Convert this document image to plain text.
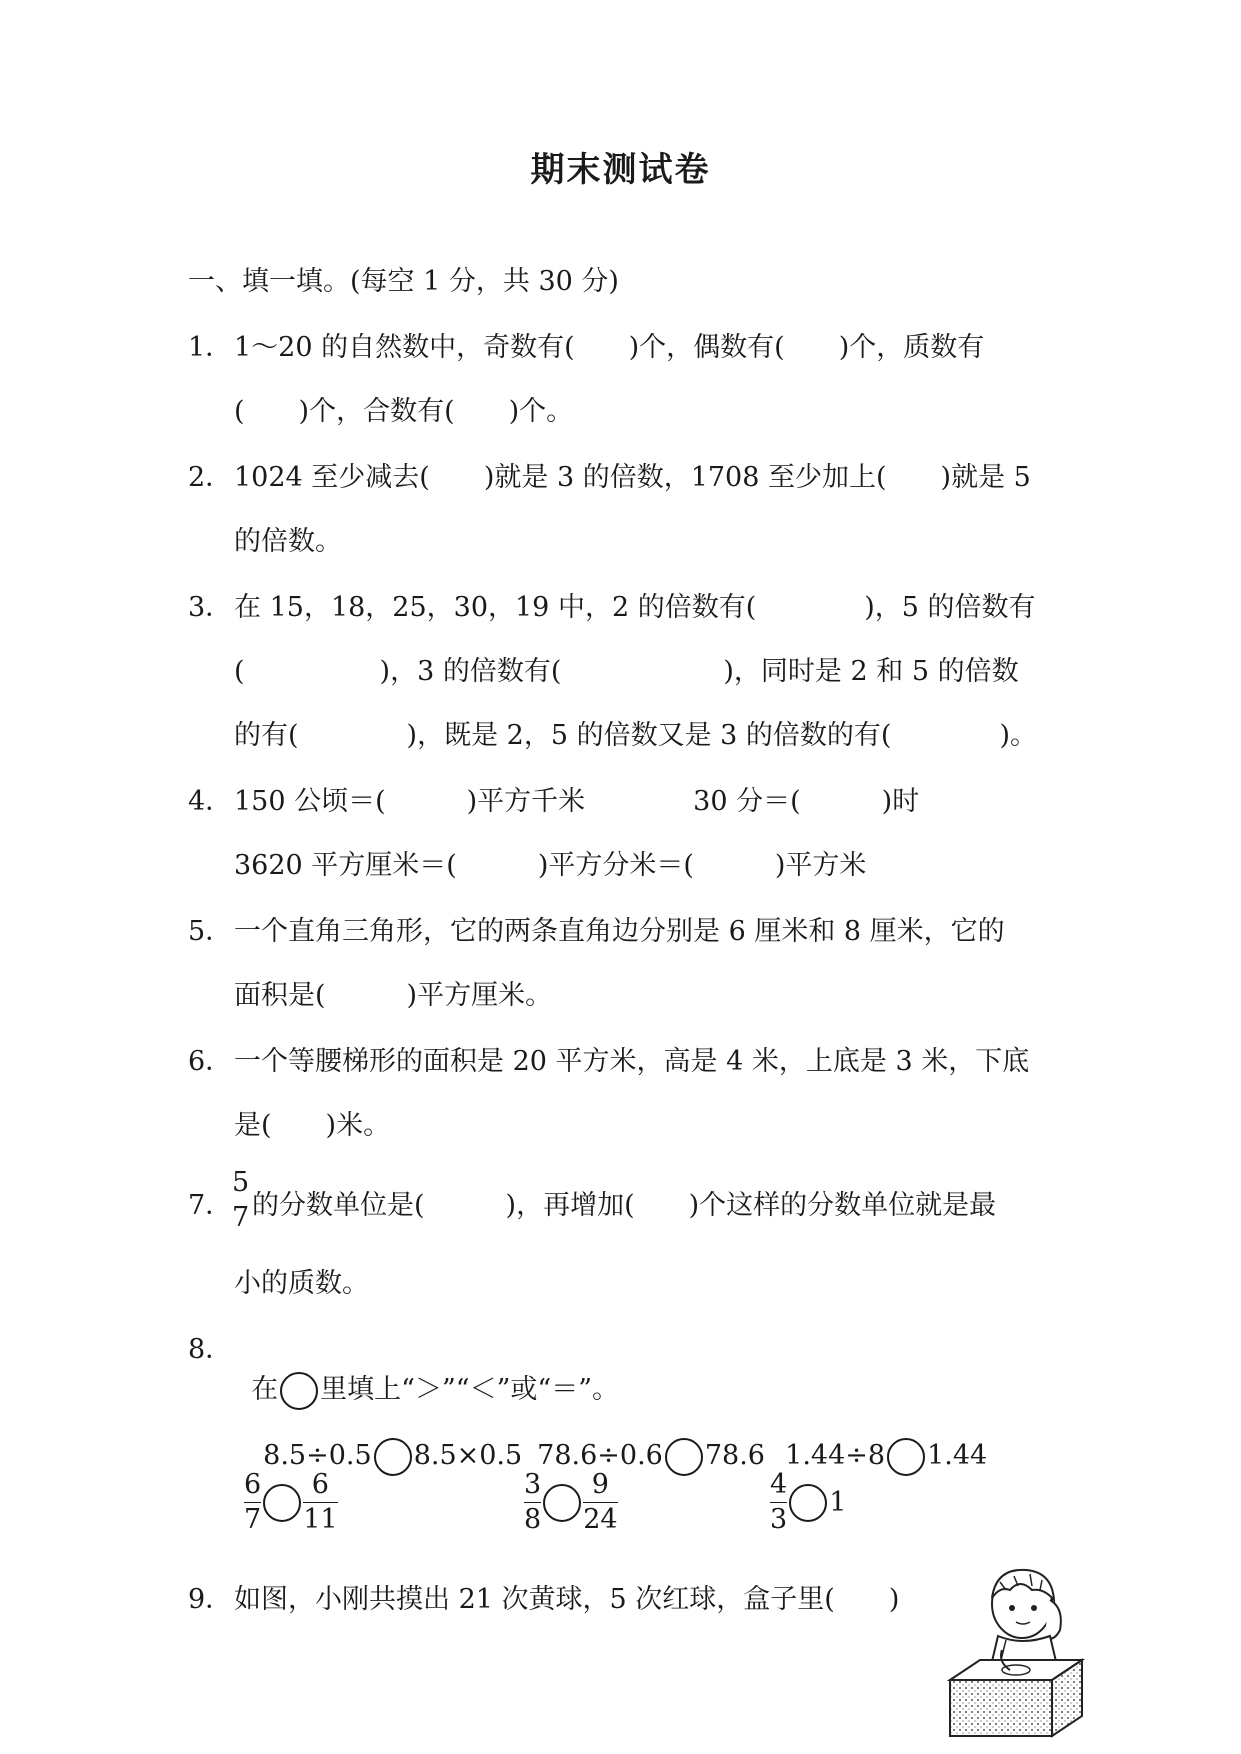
期末测试卷
一、填一填。(每空 1 分，共 30 分)
1． 1～20 的自然数中，奇数有(　　)个，偶数有(　　)个，质数有
(　　)个，合数有(　　)个。
2． 1024 至少减去(　　)就是 3 的倍数，1708 至少加上(　　)就是 5
的倍数。
3． 在 15，18，25，30，19 中，2 的倍数有(　　　　)，5 的倍数有
(　　　　　)，3 的倍数有(　　　　　　)，同时是 2 和 5 的倍数
的有(　　　　)，既是 2，5 的倍数又是 3 的倍数的有(　　　　)。
4． 150 公顷＝(　　　)平方千米　　　　30 分＝(　　　)时
3620 平方厘米＝(　　　)平方分米＝(　　　)平方米
5． 一个直角三角形，它的两条直角边分别是 6 厘米和 8 厘米，它的
面积是(　　　)平方厘米。
6． 一个等腰梯形的面积是 20 平方米，高是 4 米，上底是 3 米，下底
是(　　)米。
7．
5
7 的分数单位是(　　　)，再增加(　　)个这样的分数单位就是最
小的质数。
8．

在 里填上“＞”“＜”或“＝”。

8.5÷0.5 8.5×0.5 78.6÷0.6 78.6 1.44÷8 1.44

$\frac{6}{7} \frac{6}{11}$	$\frac{3}{8} \frac{9}{24}$	$\frac{4}{3} 1$
9． 如图，小刚共摸出 21 次黄球，5 次红球，盒子里(　　)
